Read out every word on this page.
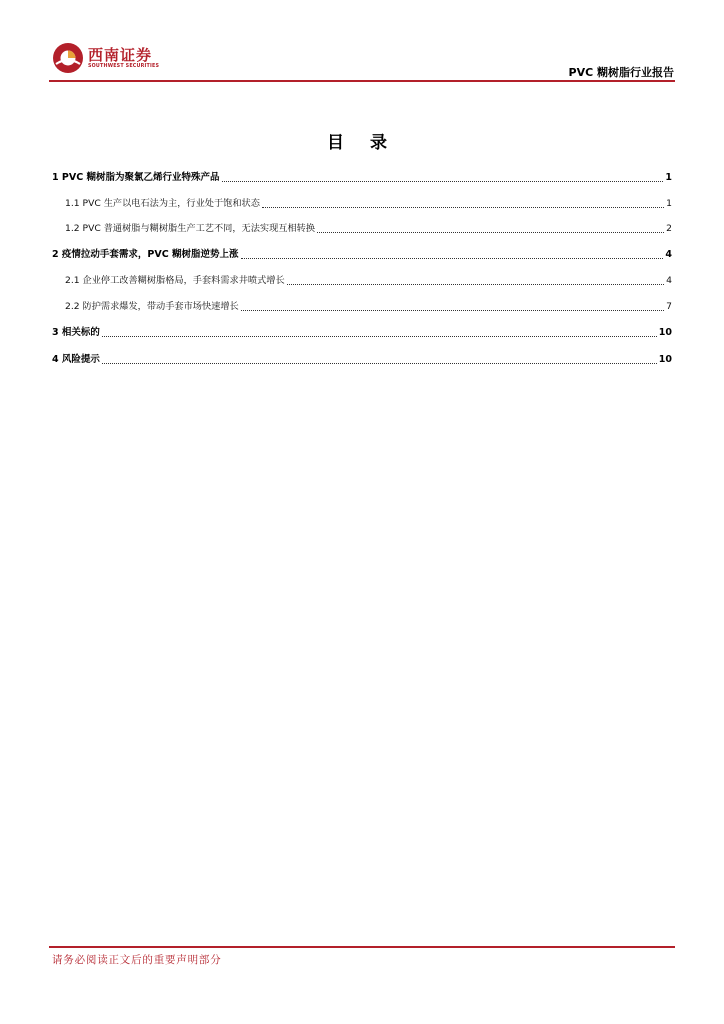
西南证券
SOUTHWEST SECURITIES	PVC 糊树脂行业报告
目 录
1 PVC 糊树脂为聚氯乙烯行业特殊产品	1
1.1 PVC 生产以电石法为主，行业处于饱和状态	1
1.2 PVC 普通树脂与糊树脂生产工艺不同，无法实现互相转换	2
2 疫情拉动手套需求，PVC 糊树脂逆势上涨	4
2.1 企业停工改善糊树脂格局，手套料需求井喷式增长	4
2.2 防护需求爆发，带动手套市场快速增长	7
3 相关标的	10
4 风险提示	10
请务必阅读正文后的重要声明部分
